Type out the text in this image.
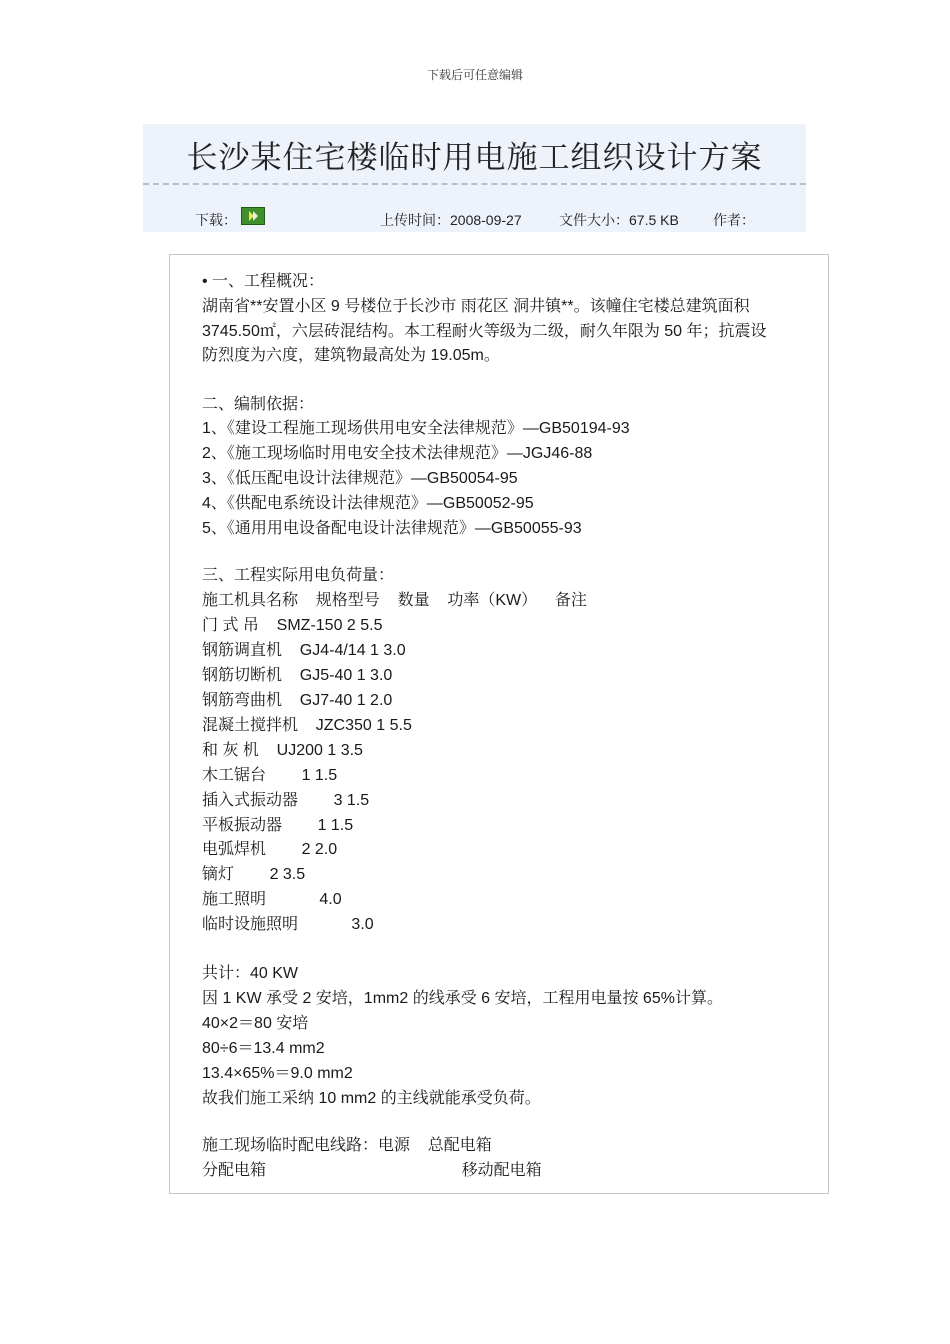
下载后可任意编辑
长沙某住宅楼临时用电施工组织设计方案
下载：	上传时间：2008-09-27	文件大小：67.5 KB 作者：
• 一、工程概况：
湖南省**安置小区 9 号楼位于长沙市 雨花区 洞井镇**。该幢住宅楼总建筑面积
3745.50㎡，六层砖混结构。本工程耐火等级为二级，耐久年限为 50 年；抗震设
防烈度为六度，建筑物最高处为 19.05m。
二、编制依据：
1、《建设工程施工现场供用电安全法律规范》—GB50194-93
2、《施工现场临时用电安全技术法律规范》—JGJ46-88
3、《低压配电设计法律规范》—GB50054-95
4、《供配电系统设计法律规范》—GB50052-95
5、《通用用电设备配电设计法律规范》—GB50055-93
三、工程实际用电负荷量：
施工机具名称    规格型号    数量    功率（KW）    备注
门 式 吊    SMZ-150 2 5.5
钢筋调直机    GJ4-4/14 1 3.0
钢筋切断机    GJ5-40 1 3.0
钢筋弯曲机    GJ7-40 1 2.0
混凝土搅拌机    JZC350 1 5.5
和 灰 机    UJ200 1 3.5
木工锯台        1 1.5
插入式振动器        3 1.5
平板振动器        1 1.5
电弧焊机        2 2.0
镝灯        2 3.5
施工照明            4.0
临时设施照明            3.0
共计：40 KW
因 1 KW 承受 2 安培，1mm2 的线承受 6 安培，工程用电量按 65%计算。
40×2＝80 安培
80÷6＝13.4 mm2
13.4×65%＝9.0 mm2
故我们施工采纳 10 mm2 的主线就能承受负荷。
施工现场临时配电线路：电源    总配电箱
分配电箱                                            移动配电箱
